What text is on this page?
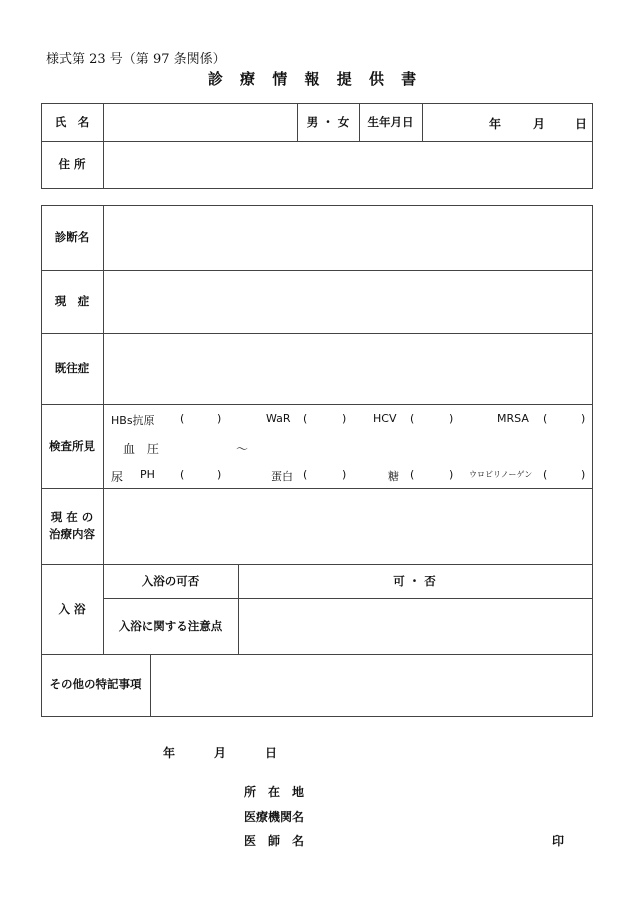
様式第 23 号（第 97 条関係）
診 療 情 報 提 供 書
氏　名	男 ・ 女	生年月日	年	月 日
住 所
診断名
現　症
既往症
検査所見
HBs抗原 (	)	WaR (	) HCV (	)	MRSA (	)
血　圧	～
尿 PH (	)	蛋白 (	)	糖 (	) ウロビリノーゲン (	)
現 在 の
治療内容
入 浴
入浴の可否	可 ・ 否
入浴に関する注意点
その他の特記事項
年	月	日
所　在　地
医療機関名
医　師　名	印
